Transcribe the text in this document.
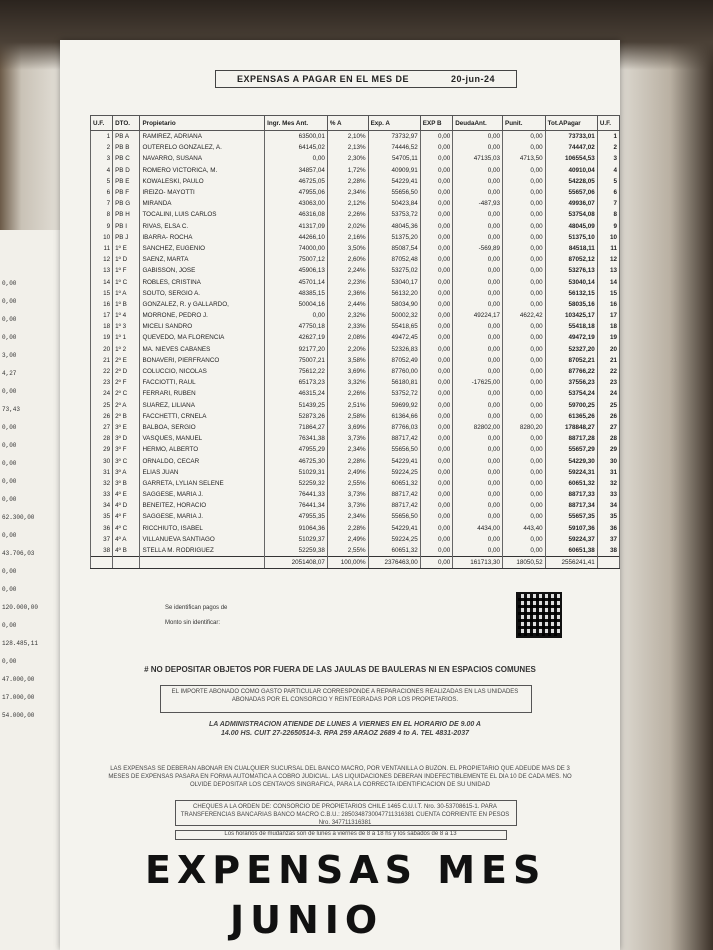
0,00
0,00
0,00
0,00
3,00
4,27
0,00
73,43
0,00
0,00
0,00
0,00
0,00
62.300,00
0,00
43.706,03
0,00
0,00
120.000,00
0,00
128.485,11
0,00
47.000,00
17.000,00
54.000,00
EXPENSAS A PAGAR EN EL MES DE	20-jun-24
U.F.	DTO.	Propietario	Ingr. Mes Ant.	% A	Exp. A	EXP B	DeudaAnt.	Punit.	Tot.APagar	U.F.
1	PB A	RAMIREZ, ADRIANA	63500,01	2,10%	73732,97	0,00	0,00	0,00	73733,01	1
2	PB B	OUTERELO GONZALEZ, A.	64145,02	2,13%	74446,52	0,00	0,00	0,00	74447,02	2
3	PB C	NAVARRO, SUSANA	0,00	2,30%	54705,11	0,00	47135,03	4713,50	106554,53	3
4	PB D	ROMERO VICTORICA, M.	34857,04	1,72%	40909,91	0,00	0,00	0,00	40910,04	4
5	PB E	KOWALESKI, PAULO	46725,05	2,28%	54229,41	0,00	0,00	0,00	54228,05	5
6	PB F	IREIZO- MAYOTTI	47955,06	2,34%	55656,50	0,00	0,00	0,00	55657,06	6
7	PB G	MIRANDA	43063,00	2,12%	50423,84	0,00	-487,93	0,00	49936,07	7
8	PB H	TOCALINI, LUIS CARLOS	46316,08	2,26%	53753,72	0,00	0,00	0,00	53754,08	8
9	PB I	RIVAS, ELSA C.	41317,09	2,02%	48045,36	0,00	0,00	0,00	48045,09	9
10	PB J	IBARRA- ROCHA	44266,10	2,16%	51375,20	0,00	0,00	0,00	51375,10	10
11	1º E	SANCHEZ, EUGENIO	74000,00	3,50%	85087,54	0,00	-569,89	0,00	84518,11	11
12	1º D	SAENZ, MARTA	75007,12	2,60%	87052,48	0,00	0,00	0,00	87052,12	12
13	1º F	GABISSON, JOSE	45906,13	2,24%	53275,02	0,00	0,00	0,00	53276,13	13
14	1º C	ROBLES, CRISTINA	45701,14	2,23%	53040,17	0,00	0,00	0,00	53040,14	14
15	1º A	SOUTO, SERGIO A.	48385,15	2,36%	56132,20	0,00	0,00	0,00	56132,15	15
16	1º B	GONZALEZ, R. y GALLARDO,	50004,16	2,44%	58034,90	0,00	0,00	0,00	58035,16	16
17	1º 4	MORRONE, PEDRO J.	0,00	2,32%	50002,32	0,00	49224,17	4622,42	103425,17	17
18	1º 3	MICELI SANDRO	47750,18	2,33%	55418,65	0,00	0,00	0,00	55418,18	18
19	1º 1	QUEVEDO, MA FLORENCIA	42627,19	2,08%	49472,45	0,00	0,00	0,00	49472,19	19
20	1º 2	MA. NIEVES CABANES	92177,20	2,20%	52326,83	0,00	0,00	0,00	52327,20	20
21	2º E	BONAVERI, PIERFRANCO	75007,21	3,58%	87052,49	0,00	0,00	0,00	87052,21	21
22	2º D	COLUCCIO, NICOLAS	75612,22	3,69%	87760,00	0,00	0,00	0,00	87766,22	22
23	2º F	FACCIOTTI, RAUL	65173,23	3,32%	56180,81	0,00	-17625,00	0,00	37556,23	23
24	2º C	FERRARI, RUBEN	46315,24	2,26%	53752,72	0,00	0,00	0,00	53754,24	24
25	2º A	SUAREZ, LILIANA	51439,25	2,51%	59699,92	0,00	0,00	0,00	59700,25	25
26	2º B	FACCHETTI, CRNELA	52873,26	2,58%	61364,66	0,00	0,00	0,00	61365,26	26
27	3º E	BALBOA, SERGIO	71864,27	3,69%	87766,03	0,00	82802,00	8280,20	178848,27	27
28	3º D	VASQUES, MANUEL	76341,38	3,73%	88717,42	0,00	0,00	0,00	88717,28	28
29	3º F	HERMO, ALBERTO	47955,29	2,34%	55656,50	0,00	0,00	0,00	55657,29	29
30	3º C	ORNALDO, CECAR	46725,30	2,28%	54229,41	0,00	0,00	0,00	54229,30	30
31	3º A	ELIAS JUAN	51029,31	2,49%	59224,25	0,00	0,00	0,00	59224,31	31
32	3º B	GARRETA, LYLIAN SELENE	52259,32	2,55%	60651,32	0,00	0,00	0,00	60651,32	32
33	4º E	SAGGESE, MARIA J.	76441,33	3,73%	88717,42	0,00	0,00	0,00	88717,33	33
34	4º D	BENEITEZ, HORACIO	76441,34	3,73%	88717,42	0,00	0,00	0,00	88717,34	34
35	4º F	SAGGESE, MARIA J.	47955,35	2,34%	55656,50	0,00	0,00	0,00	55657,35	35
36	4º C	RICCHIUTO, ISABEL	91064,36	2,28%	54229,41	0,00	4434,00	443,40	59107,36	36
37	4º A	VILLANUEVA SANTIAGO	51029,37	2,49%	59224,25	0,00	0,00	0,00	59224,37	37
38	4º B	STELLA M. RODRIGUEZ	52259,38	2,55%	60651,32	0,00	0,00	0,00	60651,38	38
			2051408,07	100,00%	2376463,00	0,00	161713,30	18050,52	2556241,41	
Se identifican pagos de
Monto sin identificar:
# NO DEPOSITAR OBJETOS POR FUERA DE LAS JAULAS DE BAULERAS NI EN ESPACIOS COMUNES
EL IMPORTE ABONADO COMO GASTO PARTICULAR CORRESPONDE A REPARACIONES REALIZADAS EN LAS UNIDADES ABONADAS POR EL CONSORCIO Y REINTEGRADAS POR LOS PROPIETARIOS.
LA ADMINISTRACION ATIENDE DE LUNES A VIERNES EN EL HORARIO DE 9.00 A 14.00 HS. CUIT 27-22650514-3. RPA 259 ARAOZ 2689 4 to A. TEL 4831-2037
LAS EXPENSAS SE DEBERAN ABONAR EN CUALQUIER SUCURSAL DEL BANCO MACRO, POR VENTANILLA O BUZON. EL PROPIETARIO QUE ADEUDE MAS DE 3 MESES DE EXPENSAS PASARA EN FORMA AUTOMATICA A COBRO JUDICIAL. LAS LIQUIDACIONES DEBERAN INDEFECTIBLEMENTE EL DIA 10 DE CADA MES. NO OLVIDE DEPOSITAR LOS CENTAVOS SINGRAFICA, PARA LA CORRECTA IDENTIFICACION DE SU UNIDAD
CHEQUES A LA ORDEN DE: CONSORCIO DE PROPIETARIOS CHILE 1465 C.U.I.T. Nro. 30-53708615-1. PARA TRANSFERENCIAS BANCARIAS BANCO MACRO C.B.U.: 2850348730047711316381 CUENTA CORRIENTE EN PESOS Nro. 347711316381
Los horarios de mudanzas son de lunes a viernes de 8 a 18 hs y los sabados de 8 a 13
EXPENSAS MES
JUNIO
